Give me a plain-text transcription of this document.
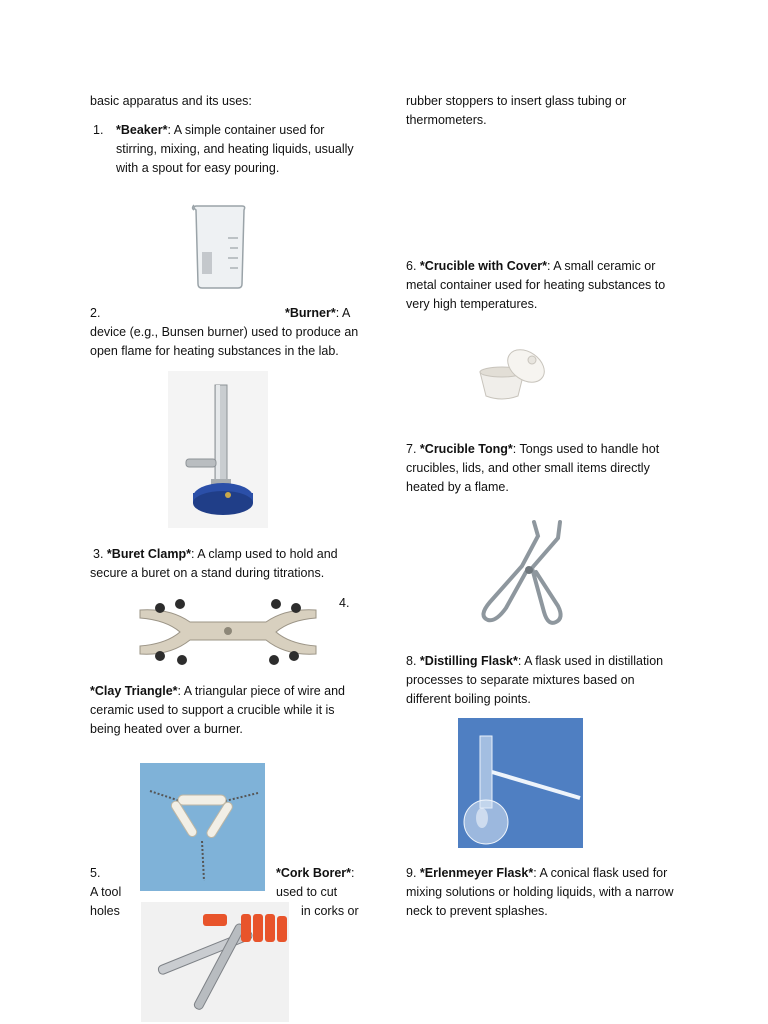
basic apparatus and its uses:
1. *Beaker*: A simple container used for stirring, mixing, and heating liquids, usually with a spout for easy pouring.
2.	*Burner*: A
device (e.g., Bunsen burner) used to produce an open flame for heating substances in the lab.
3. *Buret Clamp*: A clamp used to hold and secure a buret on a stand during titrations.
4.
*Clay Triangle*: A triangular piece of wire and ceramic used to support a crucible while it is being heated over a burner.
5.	*Cork Borer*:
A tool	used to cut
holes	in corks or
rubber stoppers to insert glass tubing or thermometers.
6. *Crucible with Cover*: A small ceramic or metal container used for heating substances to very high temperatures.
7. *Crucible Tong*: Tongs used to handle hot crucibles, lids, and other small items directly heated by a flame.
8. *Distilling Flask*: A flask used in distillation processes to separate mixtures based on different boiling points.
9. *Erlenmeyer Flask*: A conical flask used for mixing solutions or holding liquids, with a narrow neck to prevent splashes.
